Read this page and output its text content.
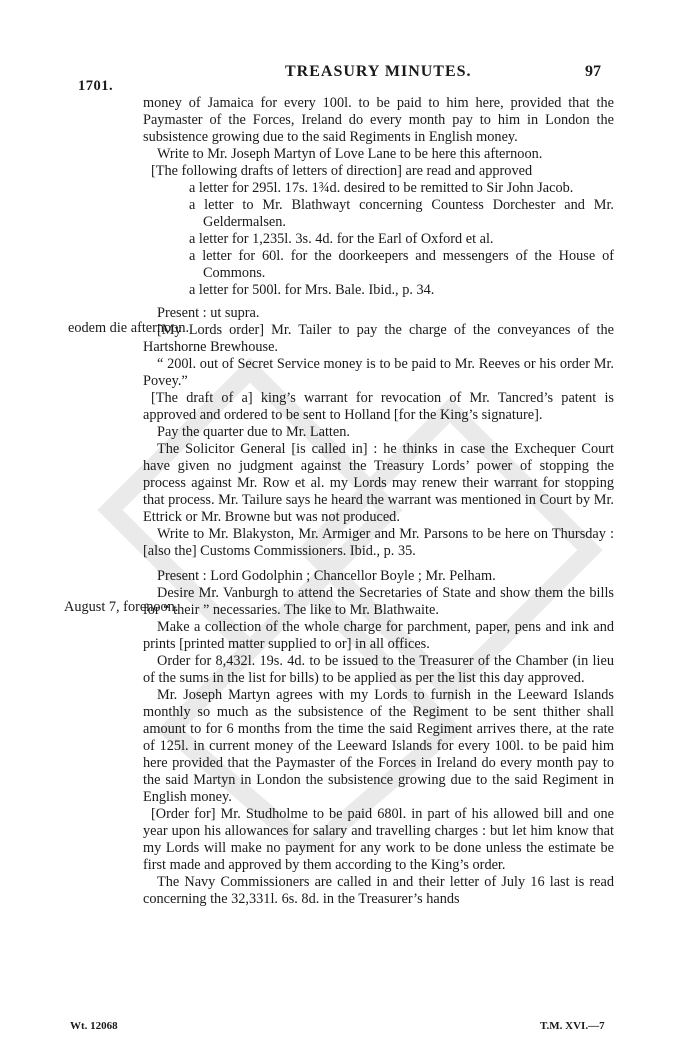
1701.
TREASURY MINUTES.	97
eodem die afternoon.
August 7, forenoon.

money of Jamaica for every 100l. to be paid to him here, provided that the Paymaster of the Forces, Ireland do every month pay to him in London the subsistence growing due to the said Regiments in English money.

Write to Mr. Joseph Martyn of Love Lane to be here this afternoon.

[The following drafts of letters of direction] are read and approved

a letter for 295l. 17s. 1¾d. desired to be remitted to Sir John Jacob.

a letter to Mr. Blathwayt concerning Countess Dorchester and Mr. Geldermalsen.

a letter for 1,235l. 3s. 4d. for the Earl of Oxford et al.

a letter for 60l. for the doorkeepers and messengers of the House of Commons.

a letter for 500l. for Mrs. Bale. Ibid., p. 34.

Present : ut supra.

[My Lords order] Mr. Tailer to pay the charge of the conveyances of the Hartshorne Brewhouse.

“ 200l. out of Secret Service money is to be paid to Mr. Reeves or his order Mr. Povey.”

[The draft of a] king’s warrant for revocation of Mr. Tancred’s patent is approved and ordered to be sent to Holland [for the King’s signature].

Pay the quarter due to Mr. Latten.

The Solicitor General [is called in] : he thinks in case the Exchequer Court have given no judgment against the Treasury Lords’ power of stopping the process against Mr. Row et al. my Lords may renew their warrant for stopping that process. Mr. Tailure says he heard the warrant was mentioned in Court by Mr. Ettrick or Mr. Browne but was not produced.

Write to Mr. Blakyston, Mr. Armiger and Mr. Parsons to be here on Thursday : [also the] Customs Commissioners. Ibid., p. 35.

Present : Lord Godolphin ; Chancellor Boyle ; Mr. Pelham.

Desire Mr. Vanburgh to attend the Secretaries of State and show them the bills for “ their ” necessaries. The like to Mr. Blathwaite.

Make a collection of the whole charge for parchment, paper, pens and ink and prints [printed matter supplied to or] in all offices.

Order for 8,432l. 19s. 4d. to be issued to the Treasurer of the Chamber (in lieu of the sums in the list for bills) to be applied as per the list this day approved.

Mr. Joseph Martyn agrees with my Lords to furnish in the Leeward Islands monthly so much as the subsistence of the Regiment to be sent thither shall amount to for 6 months from the time the said Regiment arrives there, at the rate of 125l. in current money of the Leeward Islands for every 100l. to be paid him here provided that the Paymaster of the Forces in Ireland do every month pay to the said Martyn in London the subsistence growing due to the said Regiment in English money.

[Order for] Mr. Studholme to be paid 680l. in part of his allowed bill and one year upon his allowances for salary and travelling charges : but let him know that my Lords will make no payment for any work to be done unless the estimate be first made and approved by them according to the King’s order.

The Navy Commissioners are called in and their letter of July 16 last is read concerning the 32,331l. 6s. 8d. in the Treasurer’s hands

Wt. 12068	T.M. XVI.—7
